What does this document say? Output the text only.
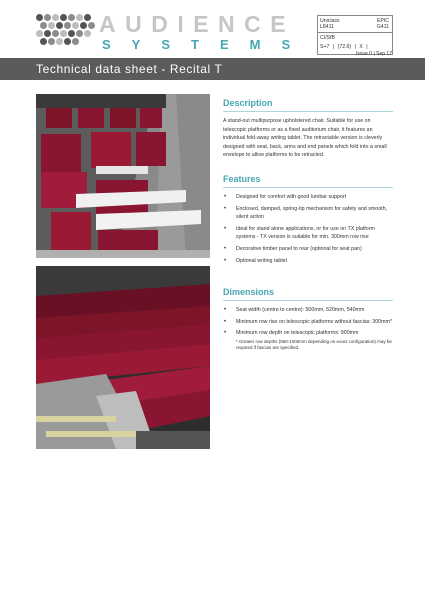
AUDIENCE
SYSTEMS
Uniclass
L8411
EPIC
G411
CI/SfB
S+7 | (72.6) | X |
Issue 0 | Sep 17
Technical data sheet - Recital T
Description

A stand-out multipurpose upholstered chair. Suitable for use on telescopic platforms or as a fixed auditorium chair, it features an individual fold-away writing tablet. The retractable version is cleverly designed with seat, back, arms and end panels which fold into a small envelope to allow platforms to be retracted.

Features
• Designed for comfort with good lumbar support
• Enclosed, damped, spring-tip mechanism for safety and smooth, silent action
• Ideal for stand alone applications, or for use on TX platform systems - TX version is suitable for min. 300mm row rise
• Decorative timber panel to rear (optional for seat pan)
• Optional writing tablet
Dimensions
• Seat width (centre to centre): 500mm, 520mm, 540mm
• Minimum row rise on telescopic platforms without fascias: 300mm*
• Minimum row depth on telescopic platforms: 900mm
* Greater row depths (950-1000mm depending on exact configuration) may be required if fascias are specified.
